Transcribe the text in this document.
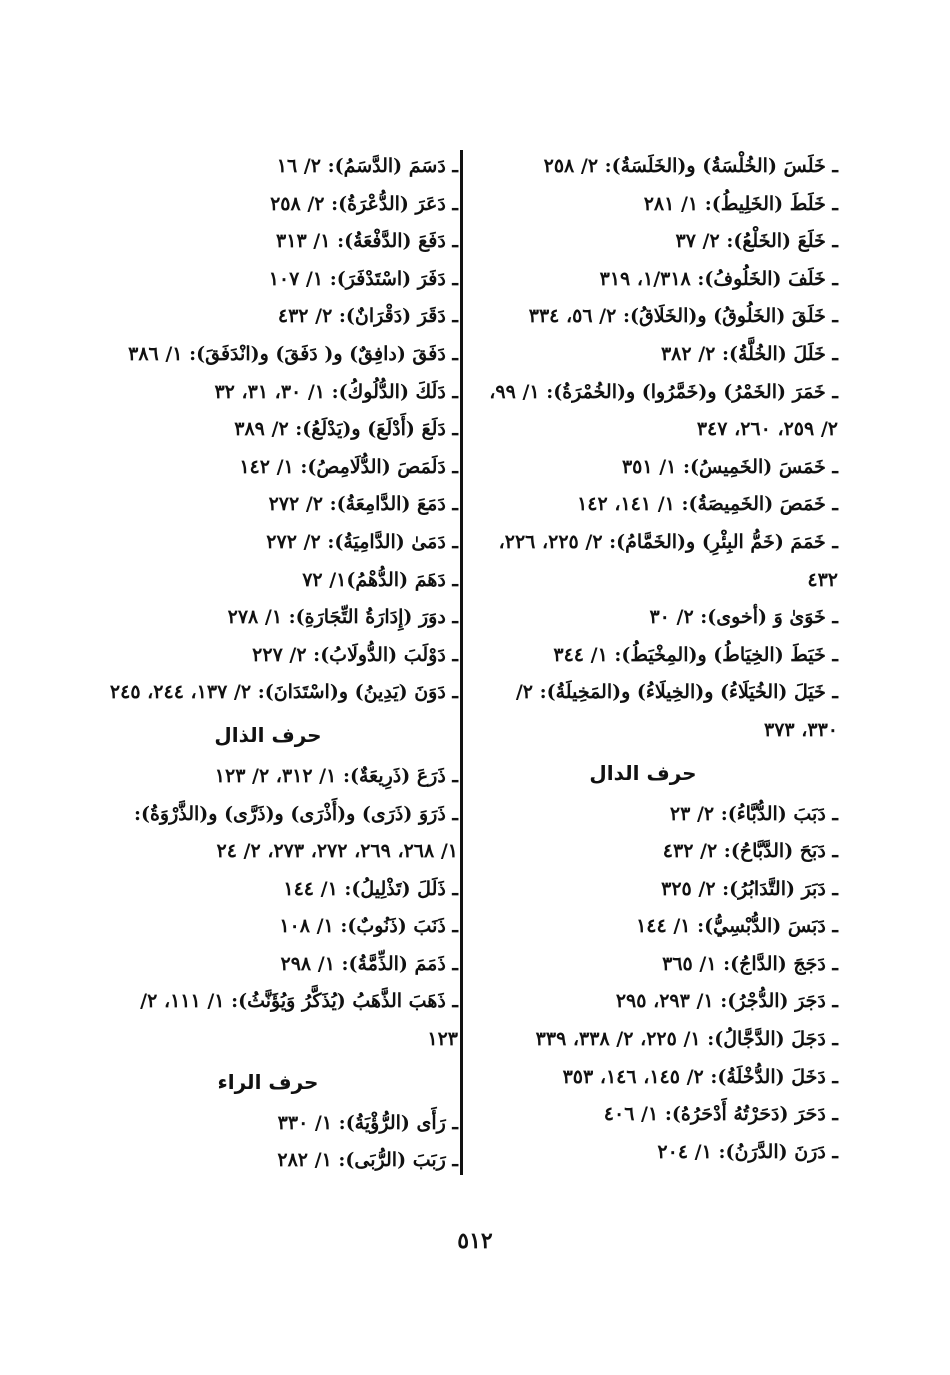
ـ خَلَسَ (الخُلْسَةُ) و(الخَلَسَةُ): ٢/ ٢٥٨
ـ خَلَطَ (الخَلِيطُ): ١/ ٢٨١
ـ خَلَعَ (الخَلْعُ): ٢/ ٣٧
ـ خَلَفَ (الخَلُوفُ): ١/٣١٨، ٣١٩
ـ خَلَقَ (الخَلُوقُ) و(الخَلَاقُ): ٢/ ٥٦، ٣٣٤
ـ خَلَلَ (الخُلَّةُ): ٢/ ٣٨٢
ـ خَمَرَ (الخَمْرُ) و(خَمَّرُوا) و(الخُمْرَةُ): ١/ ٩٩، ٢/ ٢٥٩، ٢٦٠، ٣٤٧
ـ خَمَسَ (الخَمِيسُ): ١/ ٣٥١
ـ خَمَصَ (الخَمِيصَةُ): ١/ ١٤١، ١٤٢
ـ خَمَمَ (خَمُّ البِئْرِ) و(الخَمَّامُ): ٢/ ٢٢٥، ٢٢٦، ٤٣٢
ـ خَوَىٰ وَ (أخوى): ٢/ ٣٠
ـ خَيَطَ (الخِيَاطُ) و(المِخْيَطُ): ١/ ٣٤٤
ـ خَيَلَ (الخُيَلَاءُ) و(الخِيلَاءُ) و(المَخِيلَةُ): ٢/ ٣٣٠، ٣٧٣
حرف الدال
ـ دَبَبَ (الدُّبَّاءُ): ٢/ ٢٣
ـ دَبَحَ (الدَّبَّاحُ): ٢/ ٤٣٢
ـ دَبَرَ (التَّدَابُرُ): ٢/ ٣٢٥
ـ دَبَسَ (الدُّبْسِيُّ): ١/ ١٤٤
ـ دَجَجَ (الدَّاجُ): ١/ ٣٦٥
ـ دَجَرَ (الدُّجْرُ): ١/ ٢٩٣، ٢٩٥
ـ دَجَلَ (الدَّجَّالُ): ١/ ٢٢٥، ٢/ ٣٣٨، ٣٣٩
ـ دَخَلَ (الدُّخْلَةُ): ٢/ ١٤٥، ١٤٦، ٣٥٣
ـ دَحَرَ (دَحَرْتُهُ أَدْحَرُهُ): ١/ ٤٠٦
ـ دَرَنَ (الدَّرَنُ): ١/ ٢٠٤
ـ دَسَمَ (الدَّسَمُ): ٢/ ١٦
ـ دَعَرَ (الدُّعْرَةُ): ٢/ ٢٥٨
ـ دَفَعَ (الدَّفْعَةُ): ١/ ٣١٣
ـ دَفَرَ (اسْتَدْفَرَ): ١/ ١٠٧
ـ دَقَرَ (دَقْرَانٌ): ٢/ ٤٣٢
ـ دَفَقَ (دافِقٌ) و( دَفَقَ) و(انْدَفَقَ): ١/ ٣٨٦
ـ دَلَكَ (الدُّلُوكُ): ١/ ٣٠، ٣١، ٣٢
ـ دَلَعَ (أَدْلَعَ) و(يَدْلَعُ): ٢/ ٣٨٩
ـ دَلَمَصَ (الدُّلَامِصُ): ١/ ١٤٢
ـ دَمَعَ (الدَّامِعَةُ): ٢/ ٢٧٢
ـ دَمَىٰ (الدَّامِيَةُ): ٢/ ٢٧٢
ـ دَهَمَ (الدُّهْمُ)١/ ٧٢
ـ دوَرَ (إِدَارَةُ التِّجَارَةِ): ١/ ٢٧٨
ـ دَوْلَبَ (الدُّولَابُ): ٢/ ٢٢٧
ـ دَوَنَ (يَدِينُ) و(اسْتَدَانَ): ٢/ ١٣٧، ٢٤٤، ٢٤٥
حرف الذال
ـ ذَرَعَ (ذَرِيعَةٌ): ١/ ٣١٢، ٢/ ١٢٣
ـ ذَرَوَ (ذَرَى) و(أَذْرَى) و(ذَرَّى) و(الذَّرْوَةُ): ١/ ٢٦٨، ٢٦٩، ٢٧٢، ٢٧٣، ٢/ ٢٤
ـ ذَلَلَ (تَذْلِيلُ): ١/ ١٤٤
ـ ذَنَبَ (ذَنُوبٌ): ١/ ١٠٨
ـ ذَمَمَ (الذِّمَّةُ): ١/ ٢٩٨
ـ ذَهَبَ الذَّهَبُ (يُذَكَّرُ وَيُؤَنَّثُ): ١/ ١١١، ٢/ ١٢٣
حرف الراء
ـ رَأَى (الرُّؤْيَةُ): ١/ ٣٣٠
ـ رَبَبَ (الرُّبَى): ١/ ٢٨٢
٥١٢
